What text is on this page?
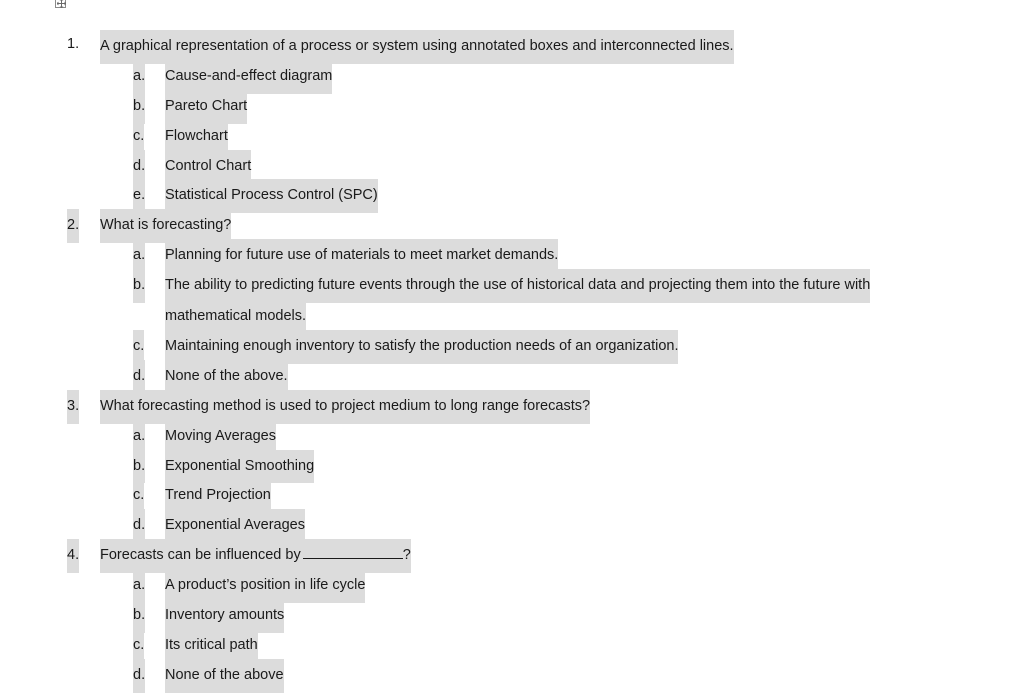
1. A graphical representation of a process or system using annotated boxes and interconnected lines.
a. Cause-and-effect diagram
b. Pareto Chart
c. Flowchart
d. Control Chart
e. Statistical Process Control (SPC)
2. What is forecasting?
a. Planning for future use of materials to meet market demands.
b. The ability to predicting future events through the use of historical data and projecting them into the future with
mathematical models.
c. Maintaining enough inventory to satisfy the production needs of an organization.
d. None of the above.
3. What forecasting method is used to project medium to long range forecasts?
a. Moving Averages
b. Exponential Smoothing
c. Trend Projection
d. Exponential Averages
4. Forecasts can be influenced by	?
a. A product’s position in life cycle
b. Inventory amounts
c. Its critical path
d. None of the above
